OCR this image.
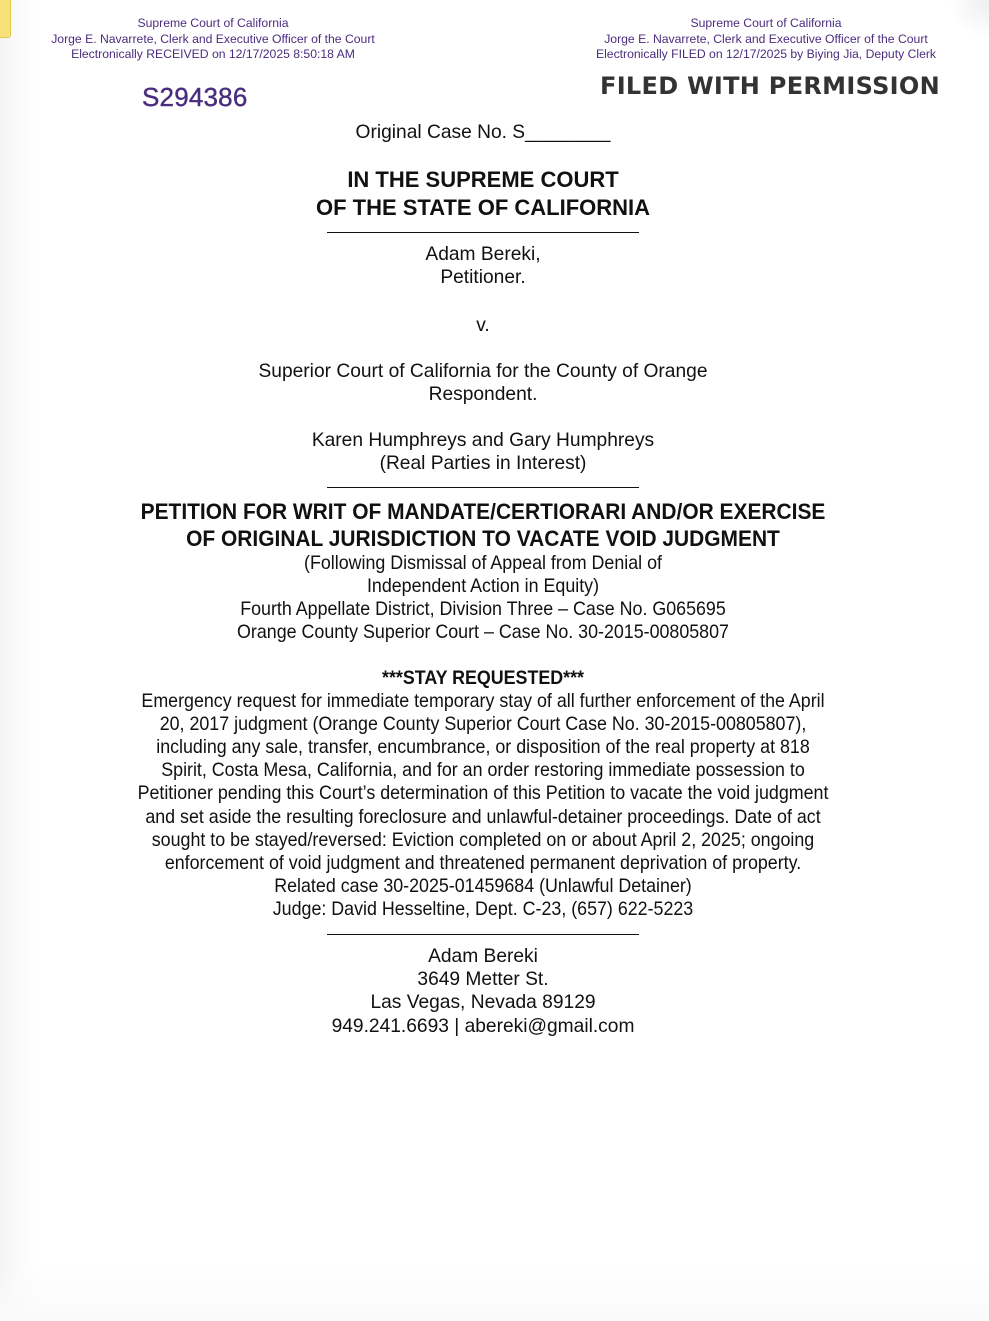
Supreme Court of California
Jorge E. Navarrete, Clerk and Executive Officer of the Court
Electronically RECEIVED on 12/17/2025 8:50:18 AM
Supreme Court of California
Jorge E. Navarrete, Clerk and Executive Officer of the Court
Electronically FILED on 12/17/2025 by Biying Jia, Deputy Clerk
S294386	FILED WITH PERMISSION
Original Case No. S________
IN THE SUPREME COURT
OF THE STATE OF CALIFORNIA
Adam Bereki,
Petitioner.
v.
Superior Court of California for the County of Orange
Respondent.
Karen Humphreys and Gary Humphreys
(Real Parties in Interest)
PETITION FOR WRIT OF MANDATE/CERTIORARI AND/OR EXERCISE
OF ORIGINAL JURISDICTION TO VACATE VOID JUDGMENT
(Following Dismissal of Appeal from Denial of
Independent Action in Equity)
Fourth Appellate District, Division Three – Case No. G065695
Orange County Superior Court – Case No. 30-2015-00805807
***STAY REQUESTED***
Emergency request for immediate temporary stay of all further enforcement of the April
20, 2017 judgment (Orange County Superior Court Case No. 30-2015-00805807),
including any sale, transfer, encumbrance, or disposition of the real property at 818
Spirit, Costa Mesa, California, and for an order restoring immediate possession to
Petitioner pending this Court’s determination of this Petition to vacate the void judgment
and set aside the resulting foreclosure and unlawful-detainer proceedings. Date of act
sought to be stayed/reversed: Eviction completed on or about April 2, 2025; ongoing
enforcement of void judgment and threatened permanent deprivation of property.
Related case 30-2025-01459684 (Unlawful Detainer)
Judge: David Hesseltine, Dept. C-23, (657) 622-5223
Adam Bereki
3649 Metter St.
Las Vegas, Nevada 89129
949.241.6693 | abereki@gmail.com
